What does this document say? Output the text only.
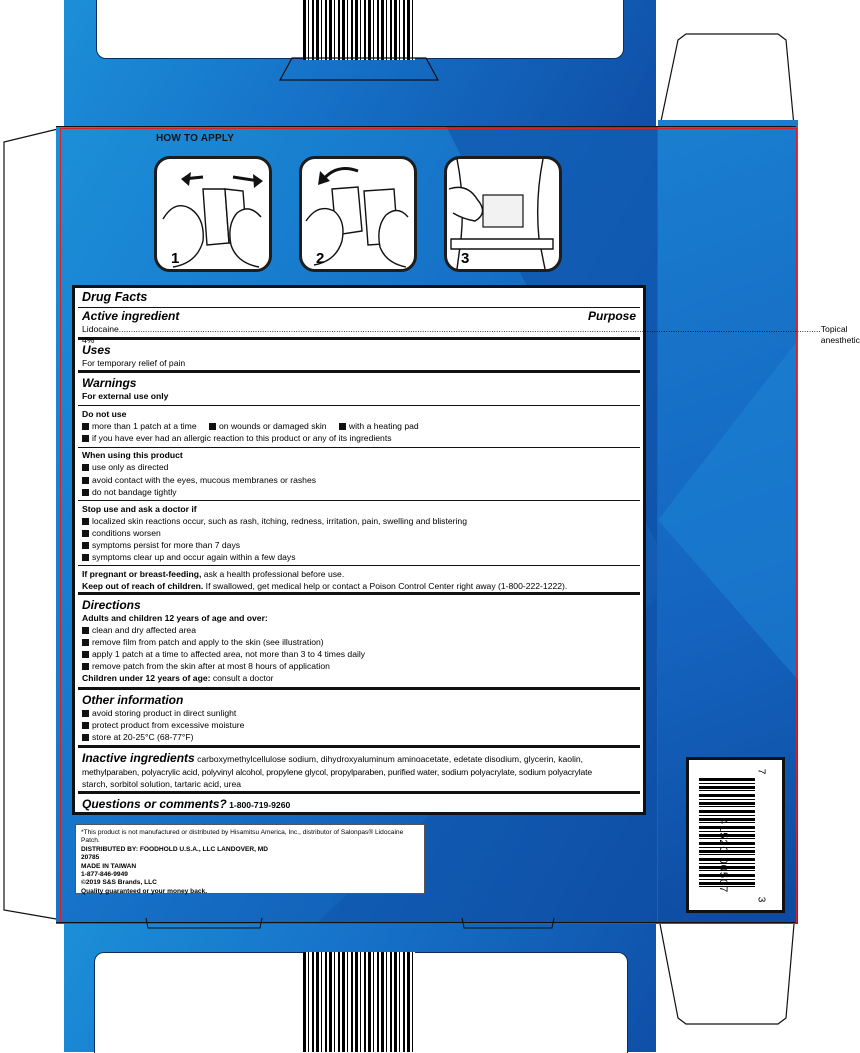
HOW TO APPLY
1	2	3
Drug Facts
Active ingredient	Purpose
Lidocaine 4%
...................................................................................................................................................................................................................................................................................................... Topical anesthetic
Uses
For temporary relief of pain
Warnings
For external use only
Do not use
more than 1 patch at a time	on wounds or damaged skin	with a heating pad
if you have ever had an allergic reaction to this product or any of its ingredients
When using this product
use only as directed
avoid contact with the eyes, mucous membranes or rashes
do not bandage tightly
Stop use and ask a doctor if
localized skin reactions occur, such as rash, itching, redness, irritation, pain, swelling and blistering
conditions worsen
symptoms persist for more than 7 days
symptoms clear up and occur again within a few days
If pregnant or breast-feeding, ask a health professional before use.
Keep out of reach of children. If swallowed, get medical help or contact a Poison Control Center right away (1-800-222-1222).
Directions
Adults and children 12 years of age and over:
clean and dry affected area
remove film from patch and apply to the skin (see illustration)
apply 1 patch at a time to affected area, not more than 3 to 4 times daily
remove patch from the skin after at most 8 hours of application
Children under 12 years of age: consult a doctor
Other information
avoid storing product in direct sunlight
protect product from excessive moisture
store at 20-25°C (68-77°F)
Inactive ingredients carboxymethylcellulose sodium, dihydroxyaluminum aminoacetate, edetate disodium, glycerin, kaolin,
methylparaben, polyacrylic acid, polyvinyl alcohol, propylene glycol, propylparaben, purified water, sodium polyacrylate, sodium polyacrylate
starch, sorbitol solution, tartaric acid, urea
Questions or comments? 1-800-719-9260
*This product is not manufactured or distributed by Hisamitsu America, Inc., distributor of Salonpas® Lidocaine Patch.
DISTRIBUTED BY: FOODHOLD U.S.A., LLC LANDOVER, MD
20785
MADE IN TAIWAN
1-877-846-9949
©2019 S&S Brands, LLC
Quality guaranteed or your money back.
7
41520 00507
3
